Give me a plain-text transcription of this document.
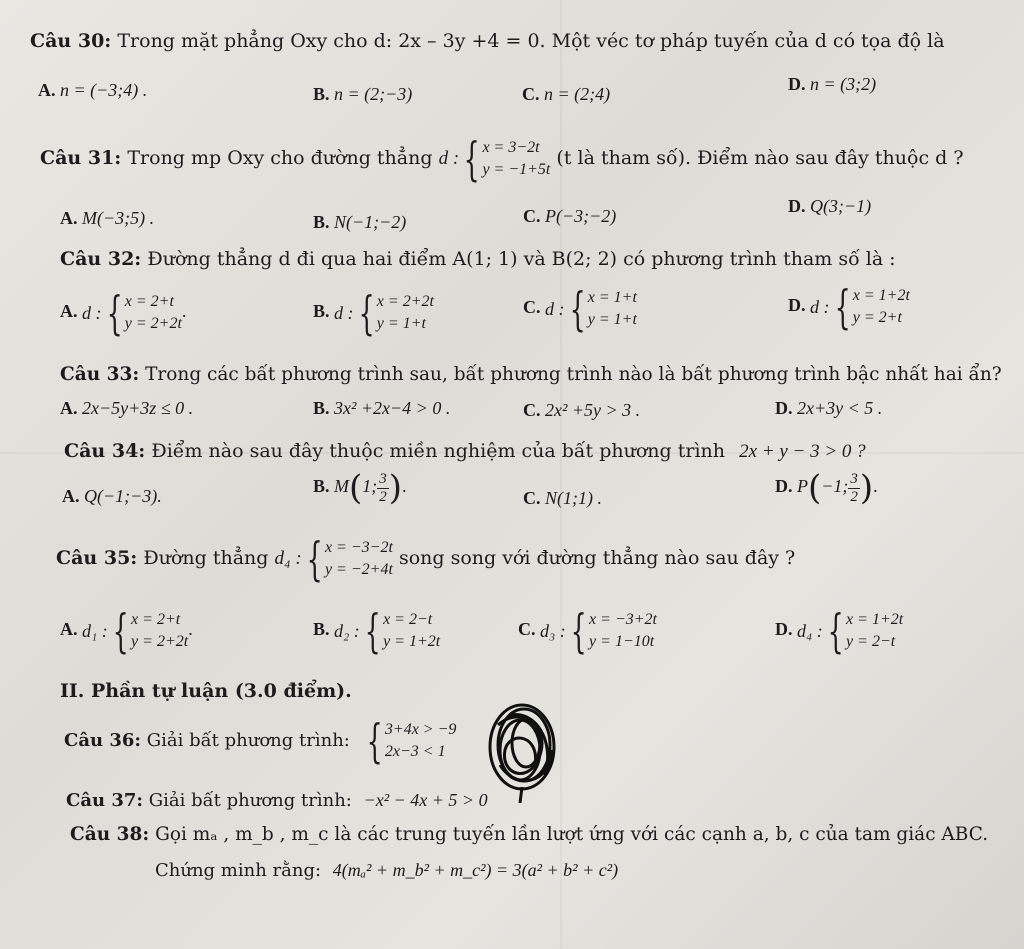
Câu 30: Trong mặt phẳng Oxy cho d: 2x – 3y +4 = 0. Một véc tơ pháp tuyến của d có tọa độ là
A. n = (−3;4) .	B. n = (2;−3)	C. n = (2;4)	D. n = (3;2)
Câu 31: Trong mp Oxy cho đường thẳng d : { x = 3−2t
y = −1+5t
(t là tham số). Điểm nào sau đây thuộc d ?
A. M(−3;5) .	B. N(−1;−2)	C. P(−3;−2)	D. Q(3;−1)
Câu 32: Đường thẳng d đi qua hai điểm A(1; 1) và B(2; 2) có phương trình tham số là :
A. d : { x = 2+t
y = 2+2t
.	B. d : { x = 2+2t
y = 1+t
C. d : { x = 1+t
y = 1+t
D. d : { x = 1+2t
y = 2+t
Câu 33: Trong các bất phương trình sau, bất phương trình nào là bất phương trình bậc nhất hai ẩn?
A. 2x−5y+3z ≤ 0 .	B. 3x² +2x−4 > 0 .	C. 2x² +5y > 3 .	D. 2x+3y < 5 .
Câu 34: Điểm nào sau đây thuộc miền nghiệm của bất phương trình 2x + y − 3 > 0 ?
A. Q(−1;−3).	B. M(1; $\frac{3}{2}$ ).
C. N(1;1) .
D. P(−1; $\frac{3}{2}$ ).
Câu 35: Đường thẳng d₄ : { x = −3−2t
y = −2+4t
song song với đường thẳng nào sau đây ?
A. d₁ : { x = 2+t
y = 2+2t
.	B. d₂ : { x = 2−t
y = 1+2t
C. d₃ : { x = −3+2t
y = 1−10t
D. d₄ : { x = 1+2t
y = 2−t
II. Phần tự luận (3.0 điểm).
Câu 36: Giải bất phương trình: { 3+4x > −9
2x−3 < 1
Câu 37: Giải bất phương trình: −x² − 4x + 5 > 0
Câu 38: Gọi mₐ , m_b , m_c là các trung tuyến lần lượt ứng với các cạnh a, b, c của tam giác ABC.
Chứng minh rằng: 4(mₐ² + m_b² + m_c²) = 3(a² + b² + c²)
